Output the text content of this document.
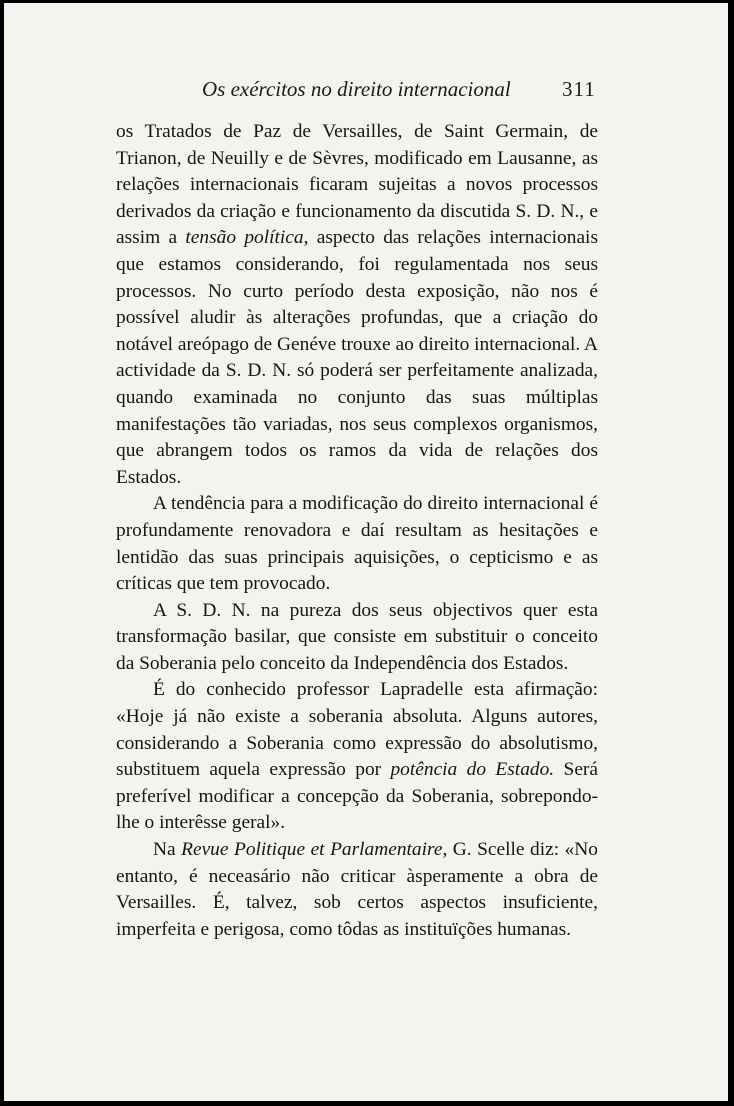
Os exércitos no direito internacional 311

os Tratados de Paz de Versailles, de Saint Germain, de Trianon, de Neuilly e de Sèvres, modificado em Lausanne, as relações internacionais ficaram sujeitas a novos processos derivados da criação e funcionamento da discutida S. D. N., e assim a tensão política, aspecto das relações internacionais que estamos considerando, foi regulamentada nos seus processos. No curto período desta exposição, não nos é possível aludir às alterações profundas, que a criação do notável areópago de Genéve trouxe ao direito internacional. A actividade da S. D. N. só poderá ser perfeitamente analizada, quando examinada no conjunto das suas múltiplas manifestações tão variadas, nos seus complexos organismos, que abrangem todos os ramos da vida de relações dos Estados.

A tendência para a modificação do direito internacional é profundamente renovadora e daí resultam as hesitações e lentidão das suas principais aquisições, o cepticismo e as críticas que tem provocado.

A S. D. N. na pureza dos seus objectivos quer esta transformação basilar, que consiste em substituir o conceito da Soberania pelo conceito da Independência dos Estados.

É do conhecido professor Lapradelle esta afirmação: «Hoje já não existe a soberania absoluta. Alguns autores, considerando a Soberania como expressão do absolutismo, substituem aquela expressão por potência do Estado. Será preferível modificar a concepção da Soberania, sobrepondo-lhe o interêsse geral».

Na Revue Politique et Parlamentaire, G. Scelle diz: «No entanto, é neceasário não criticar àsperamente a obra de Versailles. É, talvez, sob certos aspectos insuficiente, imperfeita e perigosa, como tôdas as instituïções humanas.
